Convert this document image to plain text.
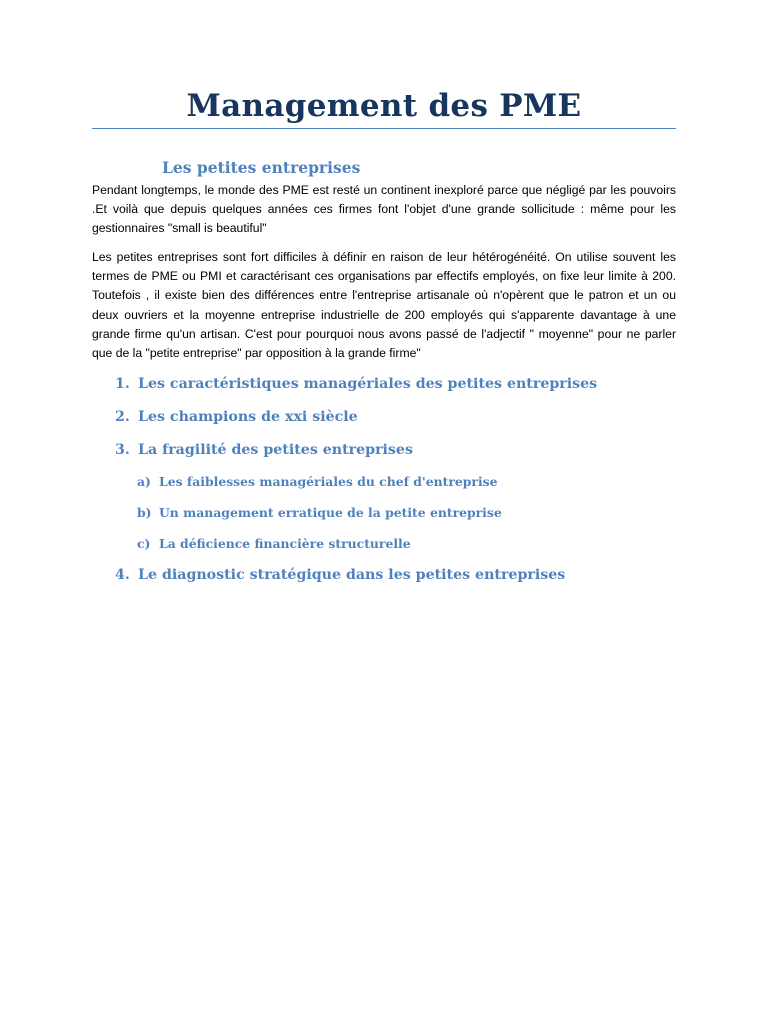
Management des PME
Les petites entreprises

Pendant longtemps, le monde des PME est resté un continent inexploré parce que négligé par les pouvoirs .Et voilà que depuis quelques années ces firmes font l'objet d'une grande sollicitude : même pour les gestionnaires "small is beautiful"

Les petites entreprises sont fort difficiles à définir en raison de leur hétérogénéité. On utilise souvent les termes de PME ou PMI et caractérisant ces organisations par effectifs employés, on fixe leur limite à 200. Toutefois , il existe bien des différences entre l'entreprise artisanale où n'opèrent que le patron et un ou deux ouvriers et la moyenne entreprise industrielle de 200 employés qui s'apparente davantage à une grande firme qu'un artisan. C'est pour pourquoi nous avons passé de l'adjectif " moyenne" pour ne parler que de la "petite entreprise" par opposition à la grande firme"

1. Les caractéristiques managériales des petites entreprises
2. Les champions de xxi siècle
3. La fragilité des petites entreprises
a) Les faiblesses managériales du chef d'entreprise
b) Un management erratique de la petite entreprise
c) La déficience financière structurelle
4. Le diagnostic stratégique dans les petites entreprises
